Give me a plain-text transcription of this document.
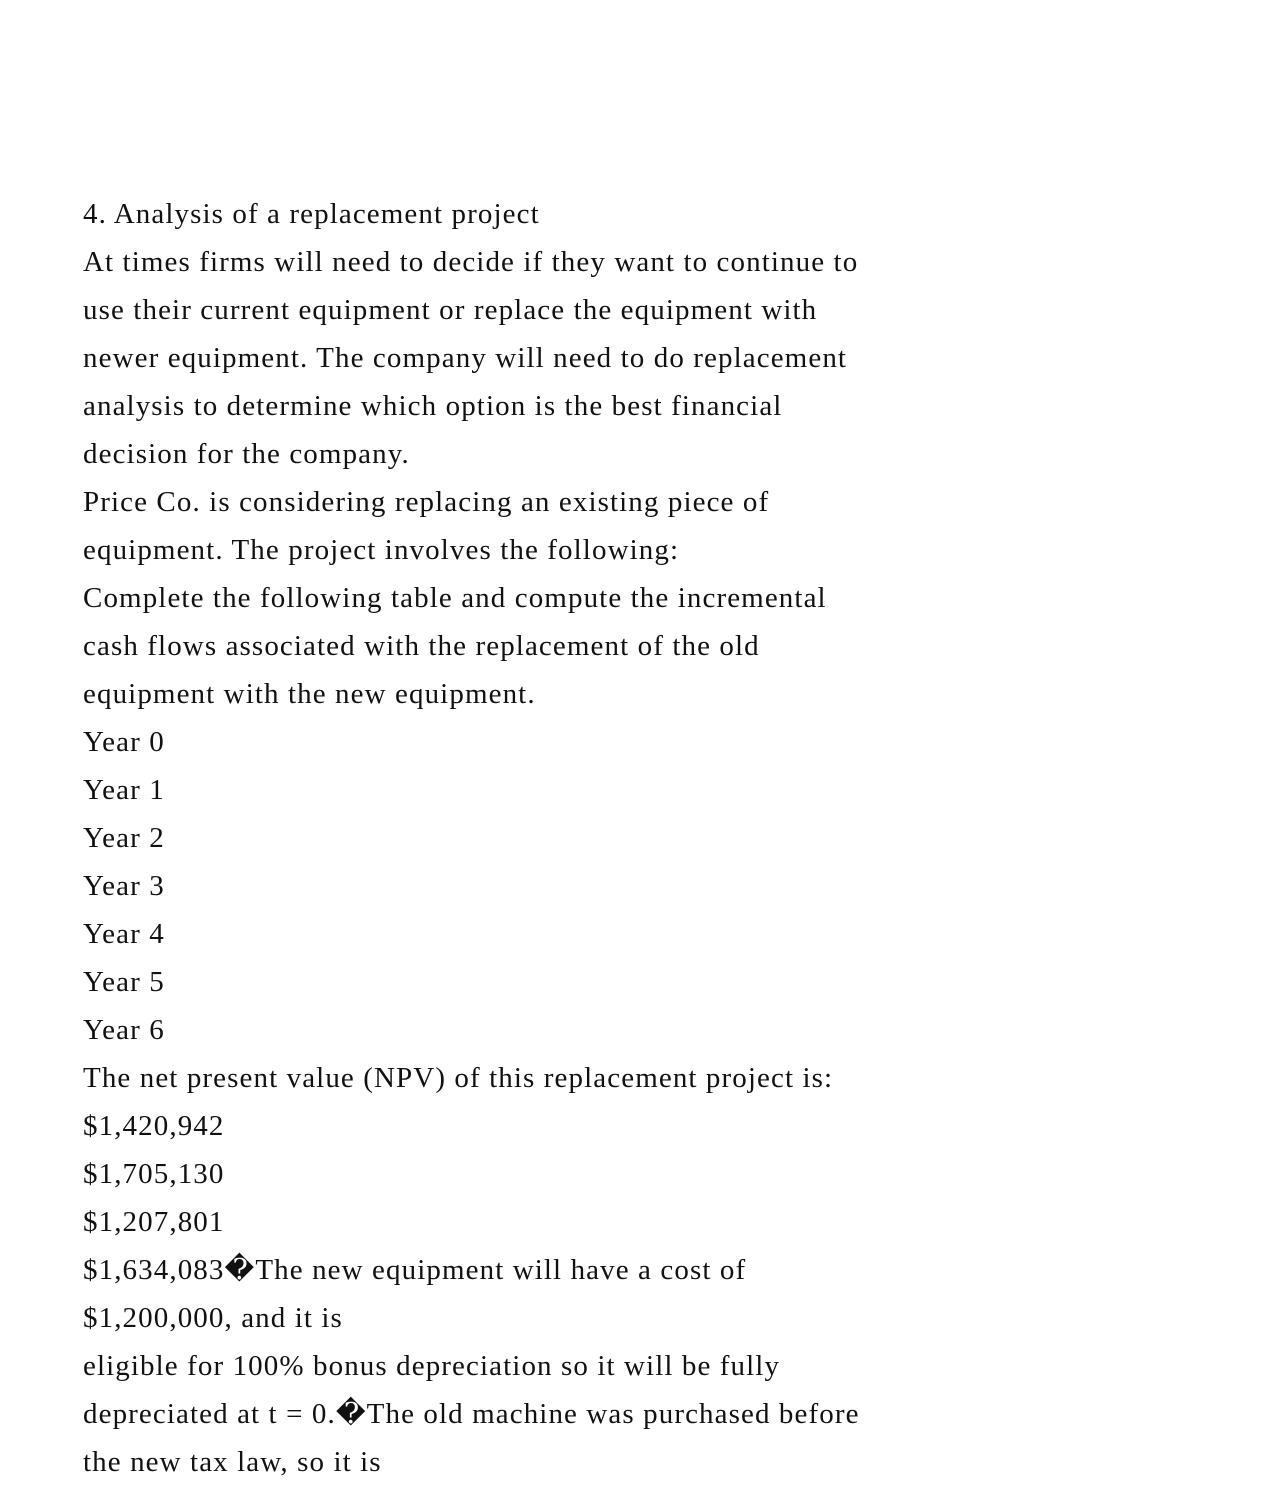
4. Analysis of a replacement project
At times firms will need to decide if they want to continue to
use their current equipment or replace the equipment with
newer equipment. The company will need to do replacement
analysis to determine which option is the best financial
decision for the company.
Price Co. is considering replacing an existing piece of
equipment. The project involves the following:
Complete the following table and compute the incremental
cash flows associated with the replacement of the old
equipment with the new equipment.
Year 0
Year 1
Year 2
Year 3
Year 4
Year 5
Year 6
The net present value (NPV) of this replacement project is:
$1,420,942
$1,705,130
$1,207,801
$1,634,083�The new equipment will have a cost of
$1,200,000, and it is
eligible for 100% bonus depreciation so it will be fully
depreciated at t = 0.�The old machine was purchased before
the new tax law, so it is
